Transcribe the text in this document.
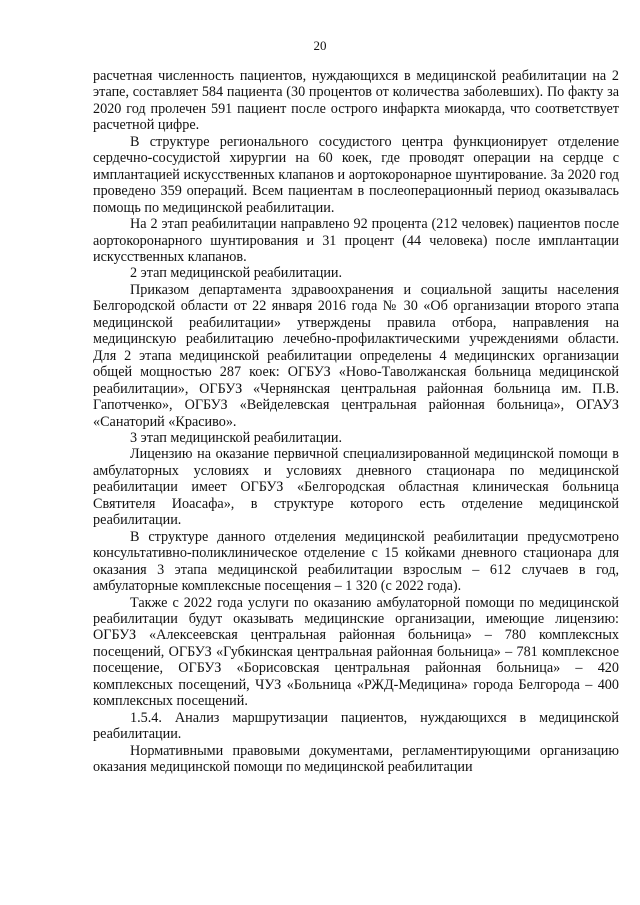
20

расчетная численность пациентов, нуждающихся в медицинской реабилитации на 2 этапе, составляет 584 пациента (30 процентов от количества заболевших). По факту за 2020 год пролечен 591 пациент после острого инфаркта миокарда, что соответствует расчетной цифре.

В структуре регионального сосудистого центра функционирует отделение сердечно-сосудистой хирургии на 60 коек, где проводят операции на сердце с имплантацией искусственных клапанов и аортокоронарное шунтирование. За 2020 год проведено 359 операций. Всем пациентам в послеоперационный период оказывалась помощь по медицинской реабилитации.

На 2 этап реабилитации направлено 92 процента (212 человек) пациентов после аортокоронарного шунтирования и 31 процент (44 человека) после имплантации искусственных клапанов.

2 этап медицинской реабилитации.

Приказом департамента здравоохранения и социальной защиты населения Белгородской области от 22 января 2016 года № 30 «Об организации второго этапа медицинской реабилитации» утверждены правила отбора, направления на медицинскую реабилитацию лечебно-профилактическими учреждениями области. Для 2 этапа медицинской реабилитации определены 4 медицинских организации общей мощностью 287 коек: ОГБУЗ «Ново-Таволжанская больница медицинской реабилитации», ОГБУЗ «Чернянская центральная районная больница им. П.В. Гапотченко», ОГБУЗ «Вейделевская центральная районная больница», ОГАУЗ «Санаторий «Красиво».

3 этап медицинской реабилитации.

Лицензию на оказание первичной специализированной медицинской помощи в амбулаторных условиях и условиях дневного стационара по медицинской реабилитации имеет ОГБУЗ «Белгородская областная клиническая больница Святителя Иоасафа», в структуре которого есть отделение медицинской реабилитации.

В структуре данного отделения медицинской реабилитации предусмотрено консультативно-поликлиническое отделение с 15 койками дневного стационара для оказания 3 этапа медицинской реабилитации взрослым – 612 случаев в год, амбулаторные комплексные посещения – 1 320 (с 2022 года).

Также с 2022 года услуги по оказанию амбулаторной помощи по медицинской реабилитации будут оказывать медицинские организации, имеющие лицензию: ОГБУЗ «Алексеевская центральная районная больница» – 780 комплексных посещений, ОГБУЗ «Губкинская центральная районная больница» – 781 комплексное посещение, ОГБУЗ «Борисовская центральная районная больница» – 420 комплексных посещений, ЧУЗ «Больница «РЖД-Медицина» города Белгорода – 400 комплексных посещений.

1.5.4. Анализ маршрутизации пациентов, нуждающихся в медицинской реабилитации.

Нормативными правовыми документами, регламентирующими организацию оказания медицинской помощи по медицинской реабилитации
